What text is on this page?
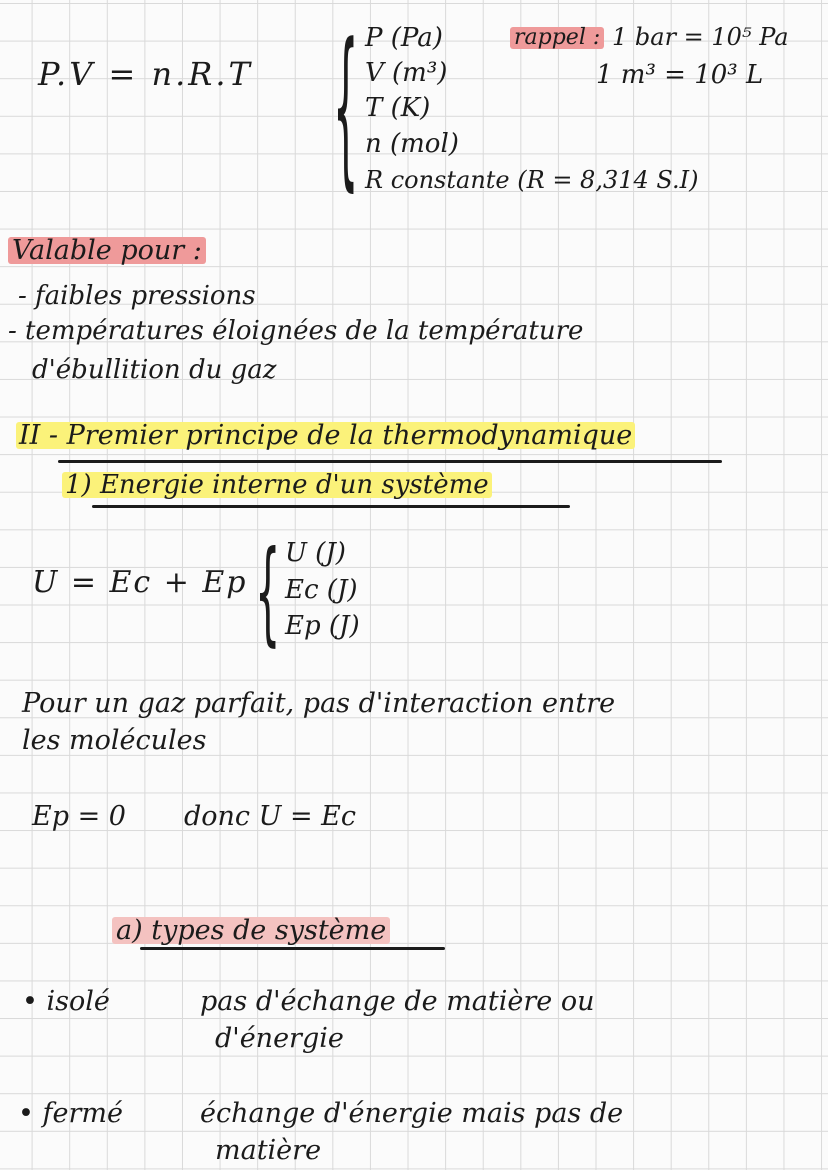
P.V = n.R.T { P (Pa)
V (m³)
T (K)
n (mol)
R constante (R = 8,314 S.I)
rappel : 1 bar = 10⁵ Pa
1 m³ = 10³ L
Valable pour :
- faibles pressions
- températures éloignées de la température
d'ébullition du gaz
II - Premier principe de la thermodynamique
1) Energie interne d'un système
U = Ec + Ep { U (J)
Ec (J)
Ep (J)
Pour un gaz parfait, pas d'interaction entre
les molécules
Ep = 0 donc U = Ec
a) types de système
• isolé	pas d'échange de matière ou
d'énergie
• fermé	échange d'énergie mais pas de
matière
